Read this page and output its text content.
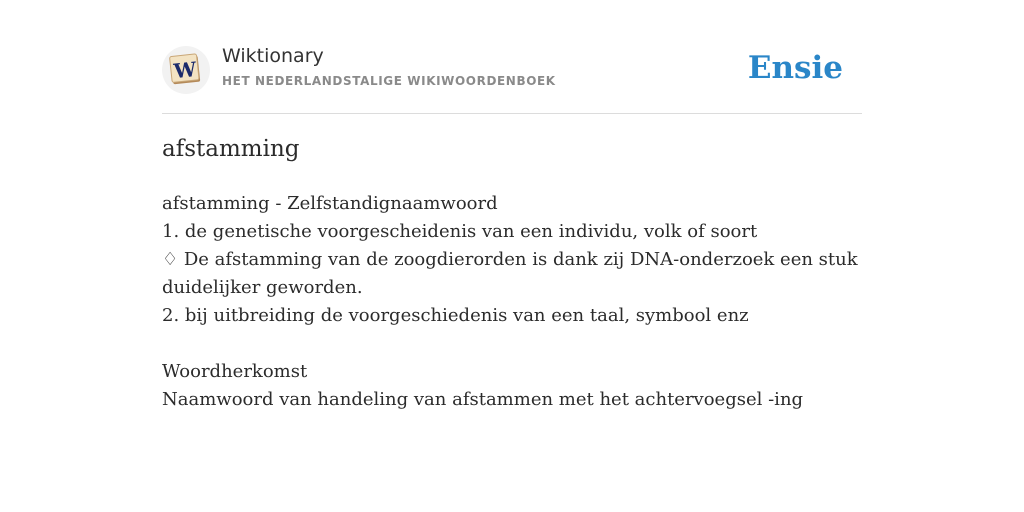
W
Wiktionary
HET NEDERLANDSTALIGE WIKIWOORDENBOEK	Ensie
afstamming
afstamming - Zelfstandignaamwoord
1. de genetische voorgescheidenis van een individu, volk of soort
♢ De afstamming van de zoogdierorden is dank zij DNA-onderzoek een stuk
duidelijker geworden.
2. bij uitbreiding de voorgeschiedenis van een taal, symbool enz
Woordherkomst
Naamwoord van handeling van afstammen met het achtervoegsel -ing
